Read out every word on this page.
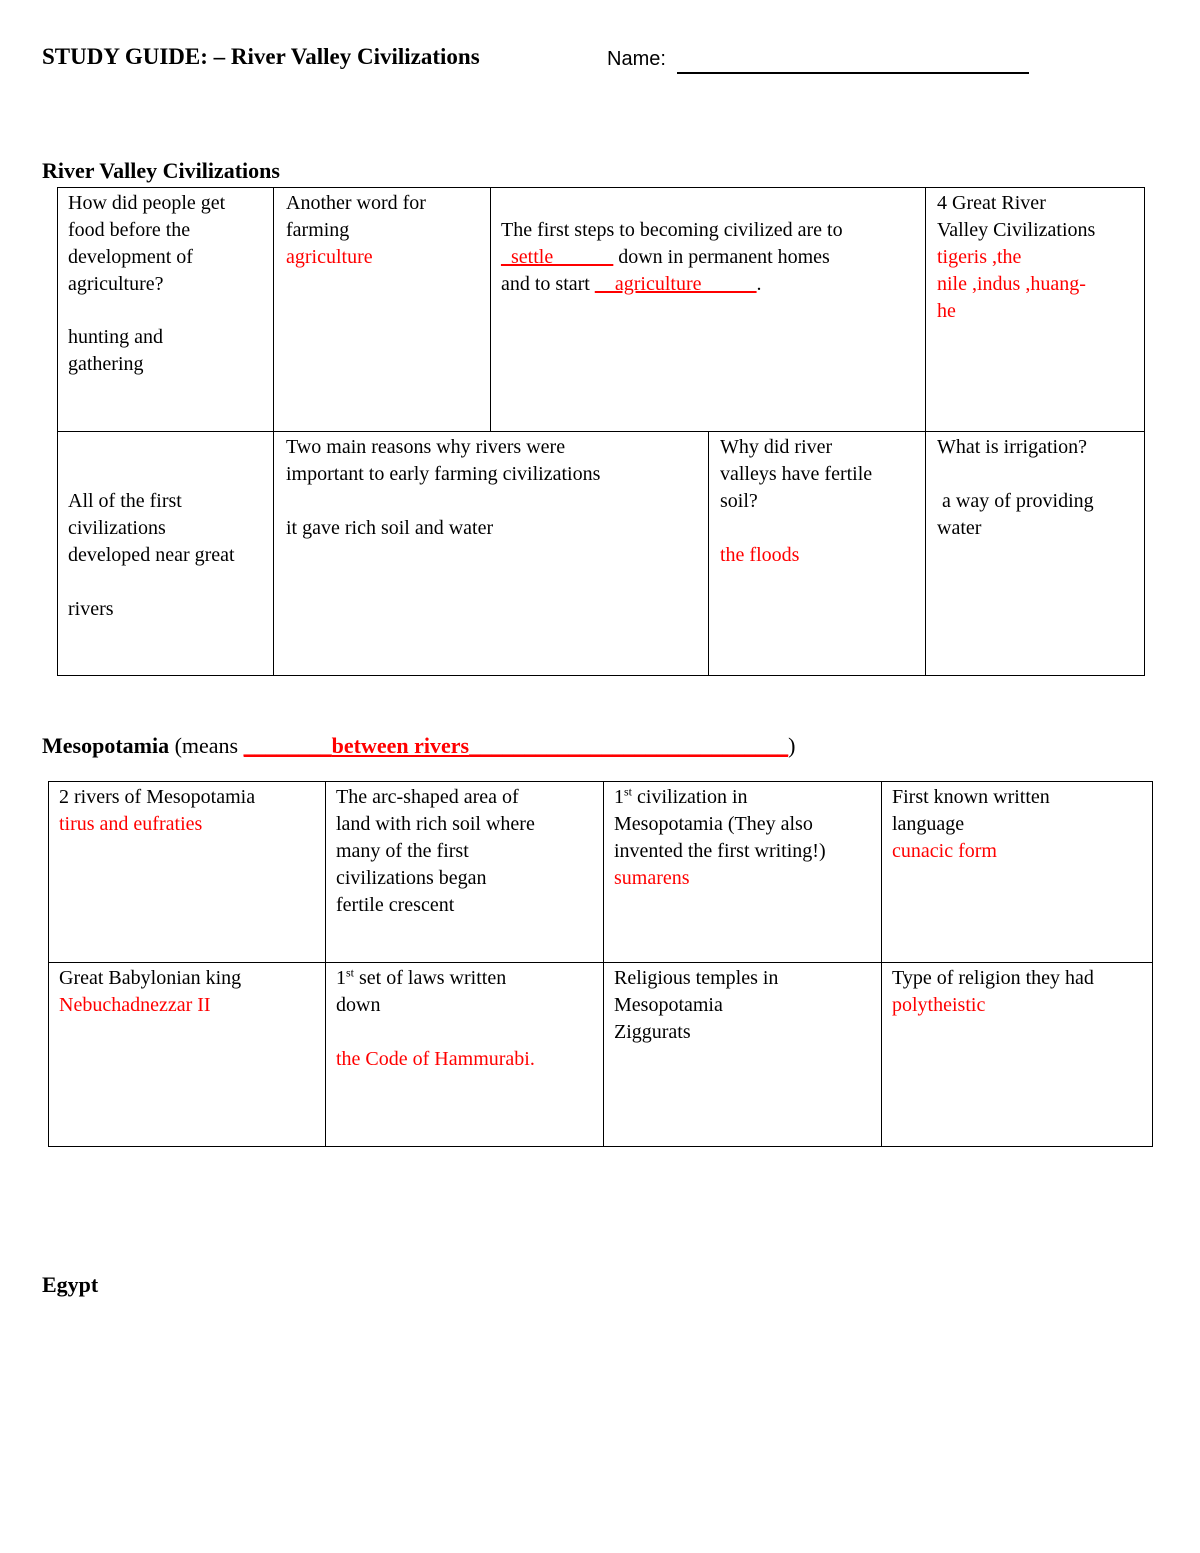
STUDY GUIDE: – River Valley Civilizations	Name:
River Valley Civilizations
How did people get
food before the
development of
agriculture?
hunting and
gathering
Another word for
farming
agriculture
The first steps to becoming civilized are to
_settle______ down in permanent homes
and to start __agriculture _____.
4 Great River
Valley Civilizations
tigeris ,the
nile ,indus ,huang-
he
All of the first
civilizations
developed near great
rivers
Two main reasons why rivers were
important to early farming civilizations
it gave rich soil and water
Why did river
valleys have fertile
soil?
the floods
What is irrigation?
a way of providing
water
Mesopotamia (means ________between rivers_____________________________)
2 rivers of Mesopotamia
tirus and eufraties
The arc-shaped area of
land with rich soil where
many of the first
civilizations began
fertile crescent
1st civilization in
Mesopotamia (They also
invented the first writing!)
sumarens
First known written
language
cunacic form
Great Babylonian king
Nebuchadnezzar II
1st set of laws written
down
the Code of Hammurabi.
Religious temples in
Mesopotamia
Ziggurats
Type of religion they had
polytheistic
Egypt
